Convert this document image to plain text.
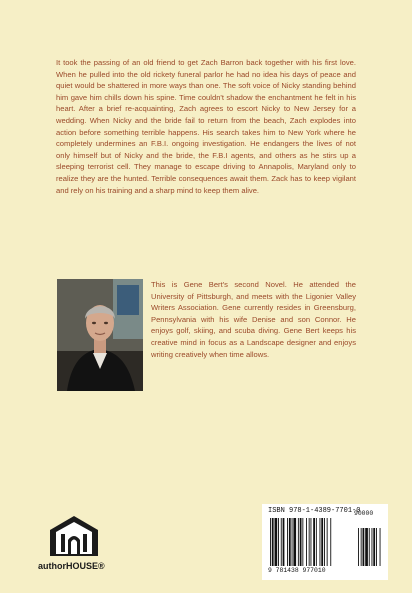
It took the passing of an old friend to get Zach Barron back together with his first love. When he pulled into the old rickety funeral parlor he had no idea his days of peace and quiet would be shattered in more ways than one. The soft voice of Nicky standing behind him gave him chills down his spine. Time couldn't shadow the enchantment he felt in his heart. After a brief re-acquainting, Zach agrees to escort Nicky to New Jersey for a wedding. When Nicky and the bride fail to return from the beach, Zach explodes into action before something terrible happens. His search takes him to New York where he completely undermines an F.B.I. ongoing investigation. He endangers the lives of not only himself but of Nicky and the bride, the F.B.I agents, and others as he stirs up a sleeping terrorist cell. They manage to escape driving to Annapolis, Maryland only to realize they are the hunted. Terrible consequences await them. Zack has to keep vigilant and rely on his training and a sharp mind to keep them alive.

This is Gene Bert's second Novel. He attended the University of Pittsburgh, and meets with the Ligonier Valley Writers Association. Gene currently resides in Greensburg, Pennsylvania with his wife Denise and son Connor. He enjoys golf, skiing, and scuba diving. Gene Bert keeps his creative mind in focus as a Landscape designer and enjoys writing creatively when time allows.

authorHOUSE®
ISBN 978-1-4389-7701-0
9 781438 977010
90000
